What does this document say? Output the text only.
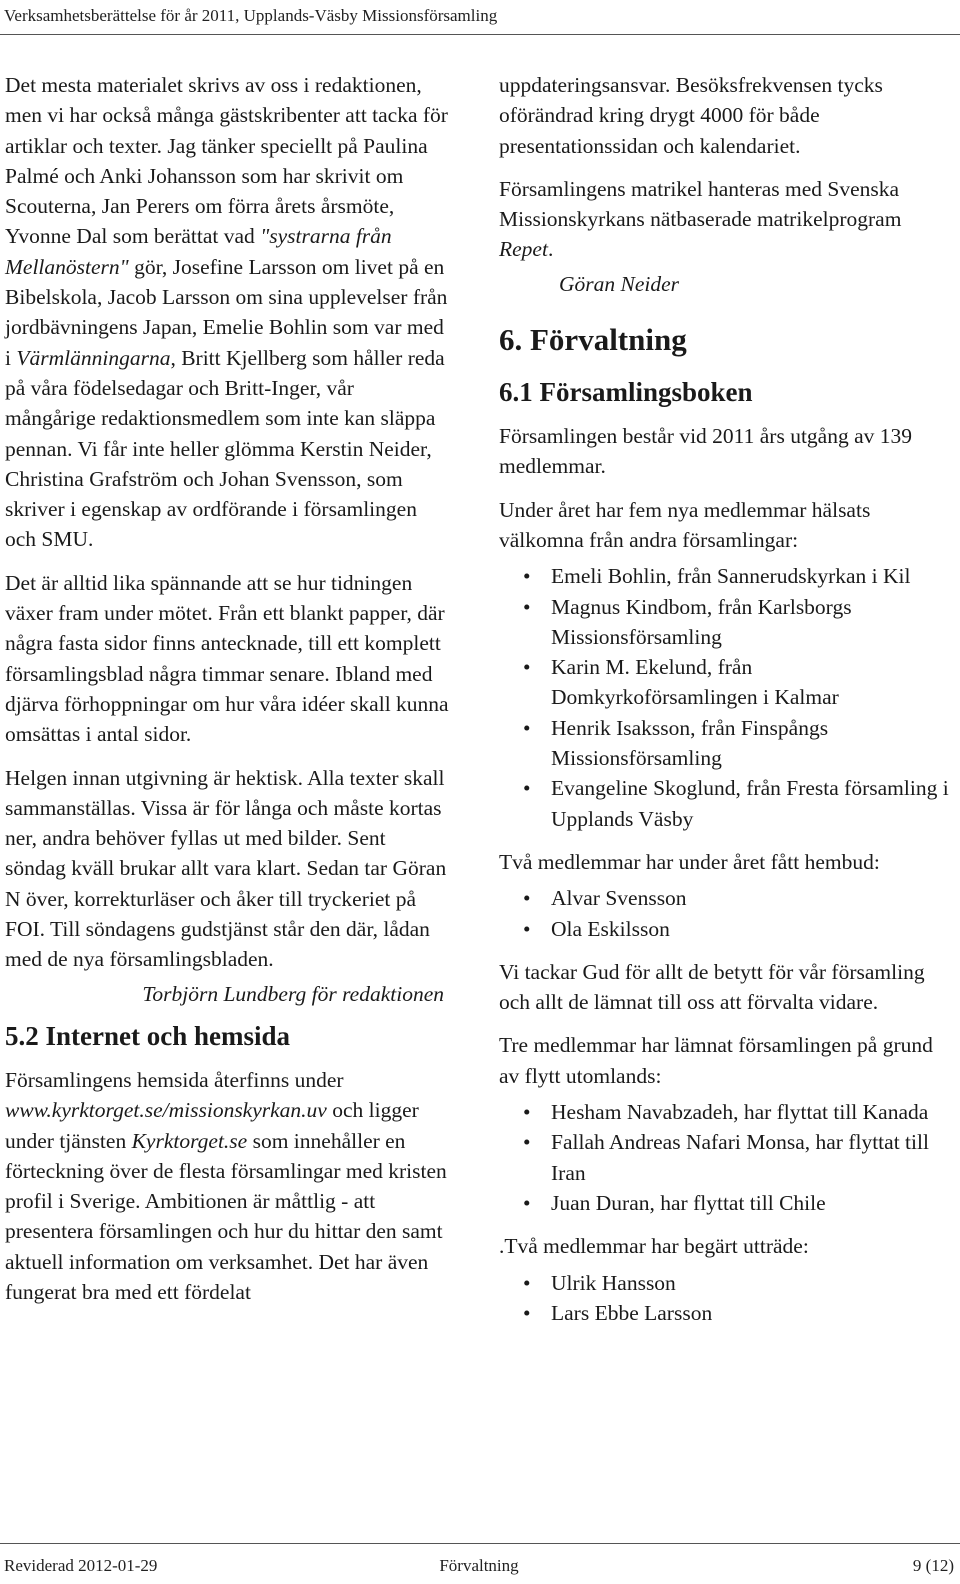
Verksamhetsberättelse för år 2011, Upplands-Väsby Missionsförsamling

Det mesta materialet skrivs av oss i redaktionen, men vi har också många gästskribenter att tacka för artiklar och texter. Jag tänker speciellt på Paulina Palmé och Anki Johansson som har skrivit om Scouterna, Jan Perers om förra årets årsmöte, Yvonne Dal som berättat vad "systrarna från Mellanöstern" gör, Josefine Larsson om livet på en Bibelskola, Jacob Larsson om sina upplevelser från jordbävningens Japan, Emelie Bohlin som var med i Värmlänningarna, Britt Kjellberg som håller reda på våra födelsedagar och Britt-Inger, vår mångårige redaktionsmedlem som inte kan släppa pennan. Vi får inte heller glömma Kerstin Neider, Christina Grafström och Johan Svensson, som skriver i egenskap av ordförande i församlingen och SMU.

Det är alltid lika spännande att se hur tidningen växer fram under mötet. Från ett blankt papper, där några fasta sidor finns antecknade, till ett komplett församlingsblad några timmar senare. Ibland med djärva förhoppningar om hur våra idéer skall kunna omsättas i antal sidor.

Helgen innan utgivning är hektisk. Alla texter skall sammanställas. Vissa är för långa och måste kortas ner, andra behöver fyllas ut med bilder. Sent söndag kväll brukar allt vara klart. Sedan tar Göran N över, korrekturläser och åker till tryckeriet på FOI. Till söndagens gudstjänst står den där, lådan med de nya församlingsbladen.

Torbjörn Lundberg för redaktionen

5.2 Internet och hemsida

Församlingens hemsida återfinns under www.kyrktorget.se/missionskyrkan.uv och ligger under tjänsten Kyrktorget.se som innehåller en förteckning över de flesta församlingar med kristen profil i Sverige. Ambitionen är måttlig - att presentera församlingen och hur du hittar den samt aktuell information om verksamhet. Det har även fungerat bra med ett fördelat

uppdateringsansvar. Besöksfrekvensen tycks oförändrad kring drygt 4000 för både presentationssidan och kalendariet.

Församlingens matrikel hanteras med Svenska Missionskyrkans nätbaserade matrikelprogram Repet.

Göran Neider

6. Förvaltning
6.1 Församlingsboken

Församlingen består vid 2011 års utgång av 139 medlemmar.

Under året har fem nya medlemmar hälsats välkomna från andra församlingar:

• Emeli Bohlin, från Sannerudskyrkan i Kil
• Magnus Kindbom, från Karlsborgs Missionsförsamling
• Karin M. Ekelund, från Domkyrkoförsamlingen i Kalmar
• Henrik Isaksson, från Finspångs Missionsförsamling
• Evangeline Skoglund, från Fresta församling i Upplands Väsby

Två medlemmar har under året fått hembud:

• Alvar Svensson
• Ola Eskilsson

Vi tackar Gud för allt de betytt för vår församling och allt de lämnat till oss att förvalta vidare.

Tre medlemmar har lämnat församlingen på grund av flytt utomlands:

• Hesham Navabzadeh, har flyttat till Kanada
• Fallah Andreas Nafari Monsa, har flyttat till Iran
• Juan Duran, har flyttat till Chile

.Två medlemmar har begärt utträde:

• Ulrik Hansson
• Lars Ebbe Larsson
Förvaltning
Reviderad 2012-01-29	9 (12)
